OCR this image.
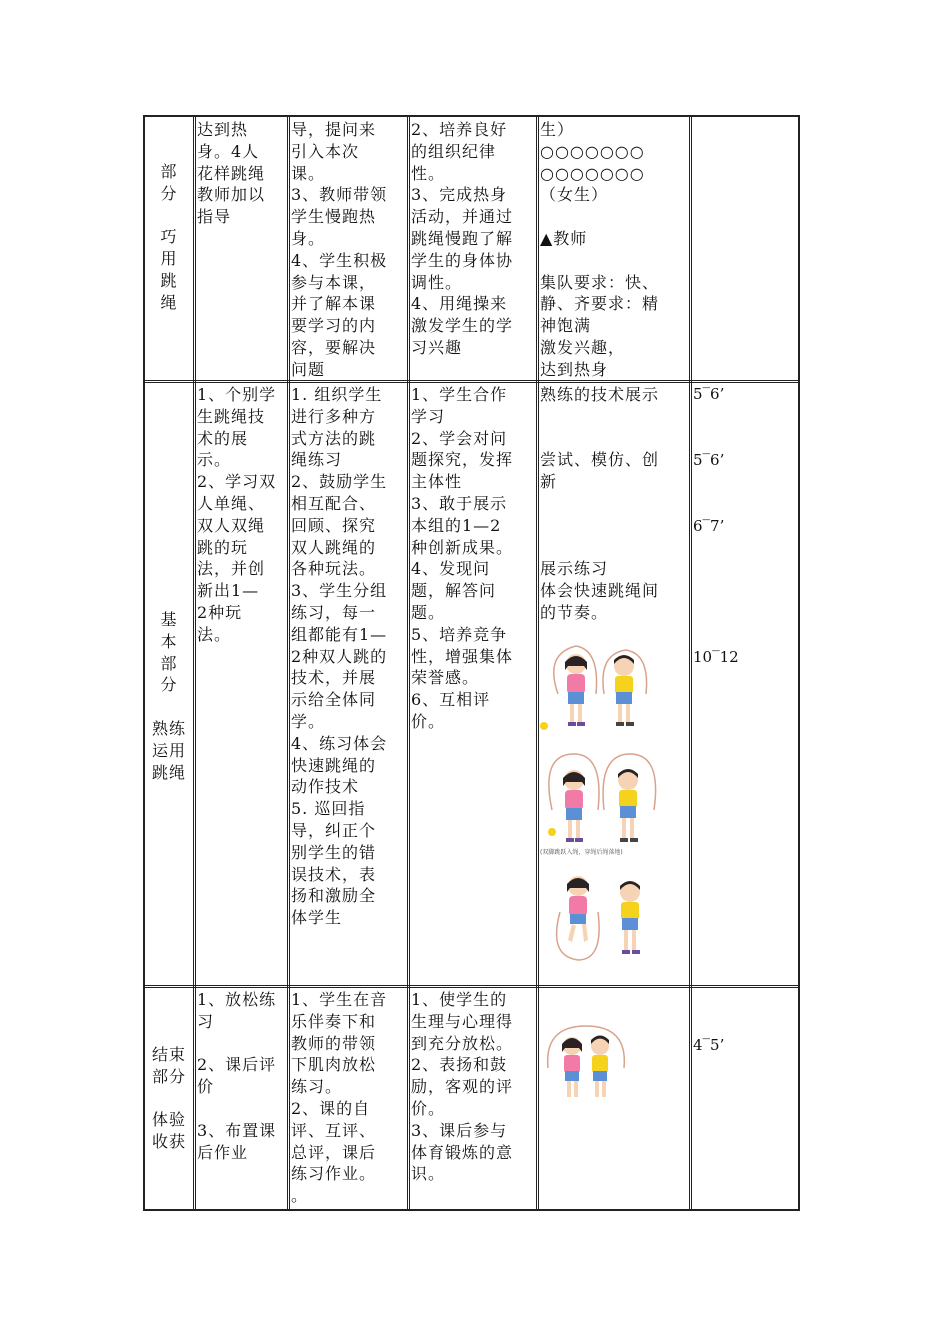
部
分

巧
用
跳
绳
达到热
身。4人
花样跳绳
教师加以
指导
导，提问来
引入本次
课。
3、教师带领
学生慢跑热
身。
4、学生积极
参与本课，
并了解本课
要学习的内
容，要解决
问题
2、培养良好
的组织纪律
性。
3、完成热身
活动，并通过
跳绳慢跑了解
学生的身体协
调性。
4、用绳操来
激发学生的学
习兴趣
生）
○○○○○○○
○○○○○○○
（女生）

▲教师

集队要求：快、
静、齐要求：精
神饱满
激发兴趣，
达到热身
基
本
部
分

熟练
运用
跳绳
1、个别学
生跳绳技
术的展
示。
2、学习双
人单绳、
双人双绳
跳的玩
法，并创
新出1—
2种玩
法。
1. 组织学生
进行多种方
式方法的跳
绳练习
2、鼓励学生
相互配合、
回顾、探究
双人跳绳的
各种玩法。
3、学生分组
练习，每一
组都能有1—
2种双人跳的
技术，并展
示给全体同
学。
4、练习体会
快速跳绳的
动作技术
5. 巡回指
导，纠正个
别学生的错
误技术，表
扬和激励全
体学生
1、学生合作
学习
2、学会对问
题探究，发挥
主体性
3、敢于展示
本组的1—2
种创新成果。
4、发现问
题，解答问
题。
5、培养竞争
性，增强集体
荣誉感。
6、互相评
价。
熟练的技术展示

尝试、模仿、创
新

展示练习
体会快速跳绳间
的节奏。
5‾6’
5‾6’
6‾7’
10‾12
(双脚跳跃入绳，穿绳后绳落地)
结束
部分

体验
收获
1、放松练
习

2、课后评
价

3、布置课
后作业
1、学生在音
乐伴奏下和
教师的带领
下肌肉放松
练习。
2、课的自
评、互评、
总评，课后
练习作业。
。
1、使学生的
生理与心理得
到充分放松。
2、表扬和鼓
励，客观的评
价。
3、课后参与
体育锻炼的意
识。
4‾5’
